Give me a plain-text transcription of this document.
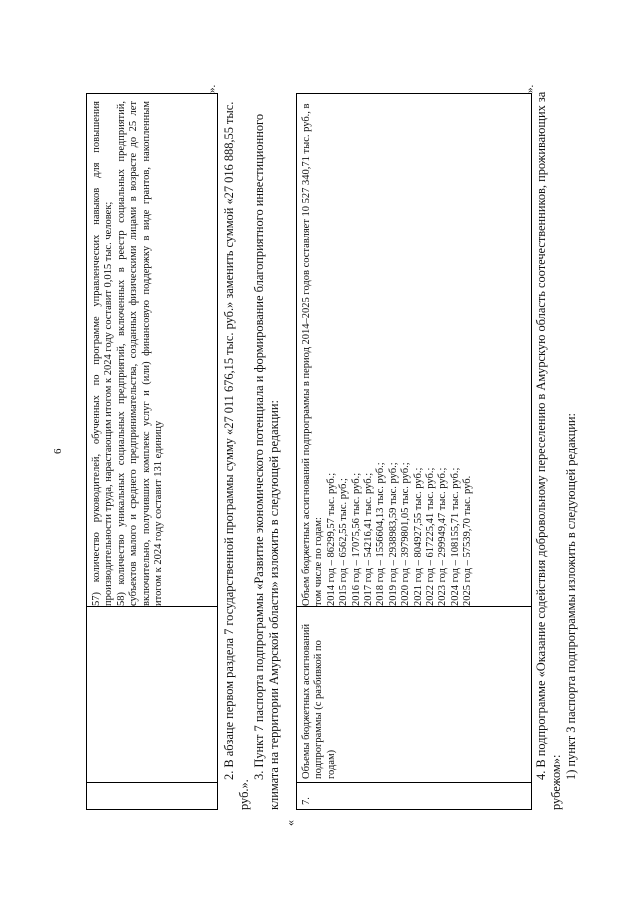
6	57) количество руководителей, обученных по программе управленческих навыков для повышения производительности труда, нарастающим итогом к 2024 году составит 0,015 тыс. человек; 58) количество уникальных социальных предприятий, включенных в реестр социальных предприятий, субъектов малого и среднего предпринимательства, созданных физическими лицами в возрасте до 25 лет включительно, получивших комплекс услуг и (или) финансовую поддержку в виде грантов, накопленным итогом к 2024 году составит 131 единицу

».
2. В абзаце первом раздела 7 государственной программы сумму «27 011 676,15 тыс. руб.» заменить суммой «27 016 888,55 тыс. руб.».
3. Пункт 7 паспорта подпрограммы «Развитие экономического потенциала и формирование благоприятного инвестиционного климата на территории Амурской области» изложить в следующей редакции:
«
7.
Объемы бюджетных ассигнований подпрограммы (с разбивкой по годам)

Объем бюджетных ассигнований подпрограммы в период 2014–2025 годов составляет 10 527 340,71 тыс. руб., в том числе по годам: 2014 год – 86299,57 тыс. руб.; 2015 год – 6562,55 тыс. руб.; 2016 год – 17075,56 тыс. руб.; 2017 год – 54216,41 тыс. руб.; 2018 год – 1556604,13 тыс. руб.; 2019 год – 2938983,59 тыс. руб.; 2020 год – 3979801,05 тыс. руб.; 2021 год – 804927,55 тыс. руб.; 2022 год – 617225,41 тыс. руб.; 2023 год – 299949,47 тыс. руб.; 2024 год – 108155,71 тыс. руб.; 2025 год – 57539,70 тыс. руб.

».
4. В подпрограмме «Оказание содействия добровольному переселению в Амурскую область соотечественников, проживающих за рубежом»:
1) пункт 3 паспорта подпрограммы изложить в следующей редакции:
